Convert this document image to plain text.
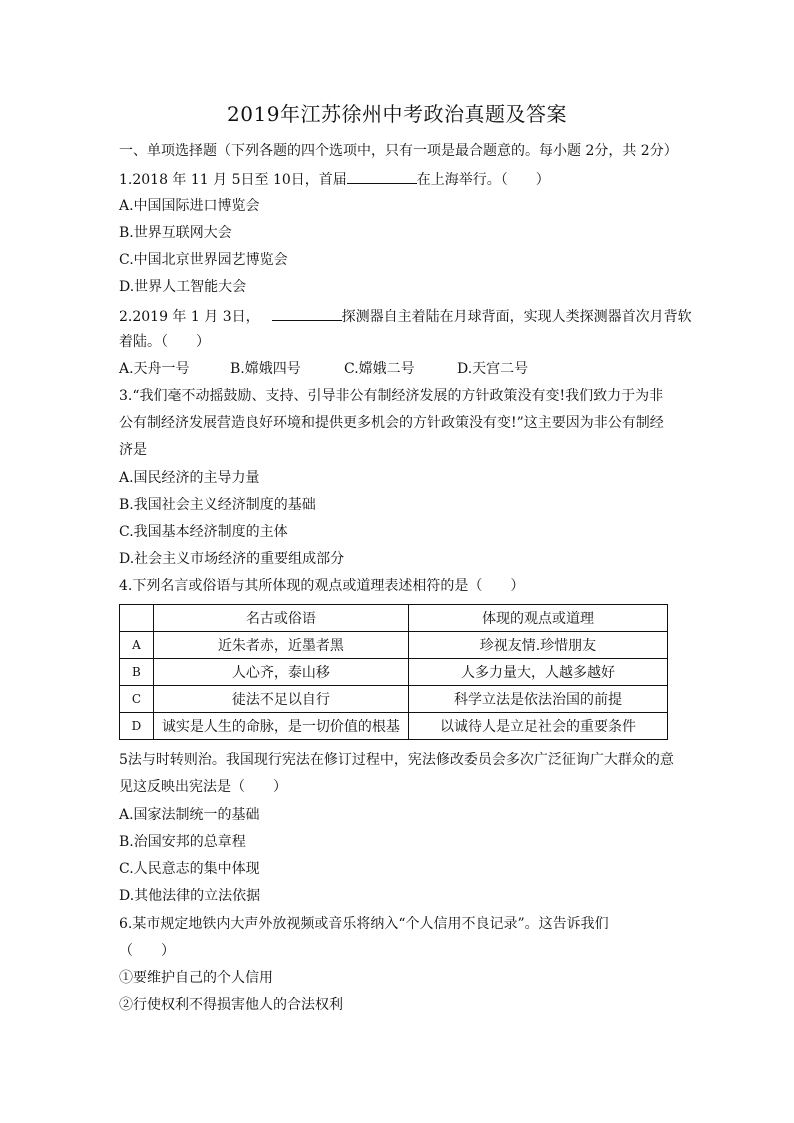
2019年江苏徐州中考政治真题及答案
一、单项选择题（下列各题的四个选项中，只有一项是最合题意的。每小题 2分，共 2分）
1.2018 年 11 月 5日至 10日，首届	在上海举行。（　　）
A.中国国际进口博览会
B.世界互联网大会
C.中国北京世界园艺博览会
D.世界人工智能大会
2.2019 年 1 月 3日，	探测器自主着陆在月球背面，实现人类探测器首次月背软
着陆。（　　）
A.天舟一号	B.嫦娥四号	C.嫦娥二号	D.天宫二号
3.“我们毫不动摇鼓励、支持、引导非公有制经济发展的方针政策没有变!我们致力于为非
公有制经济发展营造良好环境和提供更多机会的方针政策没有变!”这主要因为非公有制经
济是
A.国民经济的主导力量
B.我国社会主义经济制度的基础
C.我国基本经济制度的主体
D.社会主义市场经济的重要组成部分
4.下列名言或俗语与其所体现的观点或道理表述相符的是（　　）
	名古或俗语	体现的观点或道理
A	近朱者赤，近墨者黑	珍视友情.珍惜朋友
B	人心齐，泰山移	人多力量大，人越多越好
C	徒法不足以自行	科学立法是依法治国的前提
D	诚实是人生的命脉，是一切价值的根基	以诚待人是立足社会的重要条件
5法与时转则治。我国现行宪法在修订过程中，宪法修改委员会多次广泛征询广大群众的意
见这反映出宪法是（　　）
A.国家法制统一的基础
B.治国安邦的总章程
C.人民意志的集中体现
D.其他法律的立法依据
6.某市规定地铁内大声外放视频或音乐将纳入“个人信用不良记录”。这告诉我们
（　　）
①要维护自己的个人信用
②行使权利不得损害他人的合法权利
